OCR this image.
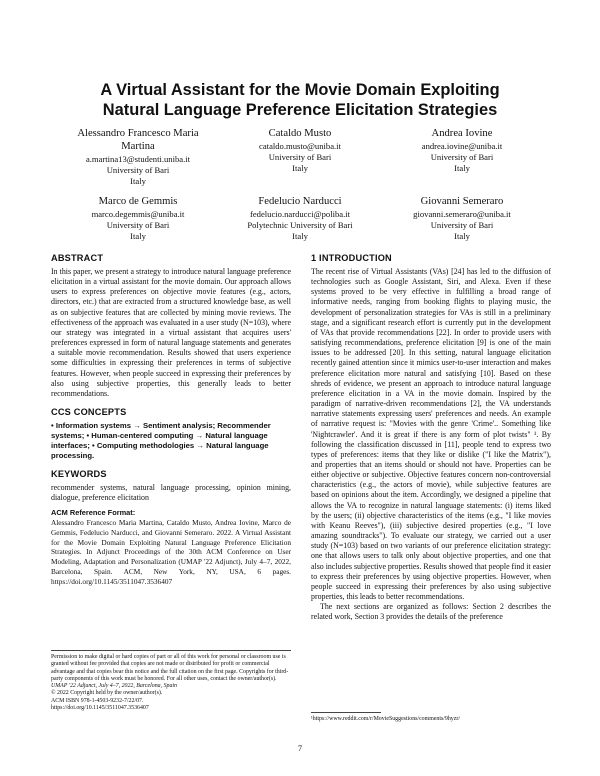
A Virtual Assistant for the Movie Domain Exploiting
Natural Language Preference Elicitation Strategies
Alessandro Francesco Maria
Martina
a.martina13@studenti.uniba.it
University of Bari
Italy
Cataldo Musto
cataldo.musto@uniba.it
University of Bari
Italy
Andrea Iovine
andrea.iovine@uniba.it
University of Bari
Italy
Marco de Gemmis
marco.degemmis@uniba.it
University of Bari
Italy
Fedelucio Narducci
fedelucio.narducci@poliba.it
Polytechnic University of Bari
Italy
Giovanni Semeraro
giovanni.semeraro@uniba.it
University of Bari
Italy
ABSTRACT

In this paper, we present a strategy to introduce natural language preference elicitation in a virtual assistant for the movie domain. Our approach allows users to express preferences on objective movie features (e.g., actors, directors, etc.) that are extracted from a structured knowledge base, as well as on subjective features that are collected by mining movie reviews. The effectiveness of the approach was evaluated in a user study (N=103), where our strategy was integrated in a virtual assistant that acquires users' preferences expressed in form of natural language statements and generates a suitable movie recommendation. Results showed that users experience some difficulties in expressing their preferences in terms of subjective features. However, when people succeed in expressing their preferences by also using subjective properties, this generally leads to better recommendations.

CCS CONCEPTS
• Information systems → Sentiment analysis; Recommender systems; • Human-centered computing → Natural language interfaces; • Computing methodologies → Natural language processing.
KEYWORDS

recommender systems, natural language processing, opinion mining, dialogue, preference elicitation

ACM Reference Format:

Alessandro Francesco Maria Martina, Cataldo Musto, Andrea Iovine, Marco de Gemmis, Fedelucio Narducci, and Giovanni Semeraro. 2022. A Virtual Assistant for the Movie Domain Exploiting Natural Language Preference Elicitation Strategies. In Adjunct Proceedings of the 30th ACM Conference on User Modeling, Adaptation and Personalization (UMAP '22 Adjunct), July 4–7, 2022, Barcelona, Spain. ACM, New York, NY, USA, 6 pages. https://doi.org/10.1145/3511047.3536407

Permission to make digital or hard copies of part or all of this work for personal or classroom use is granted without fee provided that copies are not made or distributed for profit or commercial advantage and that copies bear this notice and the full citation on the first page. Copyrights for third-party components of this work must be honored. For all other uses, contact the owner/author(s).
UMAP '22 Adjunct, July 4–7, 2022, Barcelona, Spain
© 2022 Copyright held by the owner/author(s).
ACM ISBN 978-1-4503-9232-7/22/07.
https://doi.org/10.1145/3511047.3536407
1 INTRODUCTION

The recent rise of Virtual Assistants (VAs) [24] has led to the diffusion of technologies such as Google Assistant, Siri, and Alexa. Even if these systems proved to be very effective in fulfilling a broad range of informative needs, ranging from booking flights to playing music, the development of personalization strategies for VAs is still in a preliminary stage, and a significant research effort is currently put in the development of VAs that provide recommendations [22]. In order to provide users with satisfying recommendations, preference elicitation [9] is one of the main issues to be addressed [20]. In this setting, natural language elicitation recently gained attention since it mimics user-to-user interaction and makes preference elicitation more natural and satisfying [10]. Based on these shreds of evidence, we present an approach to introduce natural language preference elicitation in a VA in the movie domain. Inspired by the paradigm of narrative-driven recommendations [2], the VA understands narrative statements expressing users' preferences and needs. An example of narrative request is: "Movies with the genre 'Crime'.. Something like 'Nightcrawler'. And it is great if there is any form of plot twists" ¹. By following the classification discussed in [11], people tend to express two types of preferences: items that they like or dislike ("I like the Matrix"), and properties that an items should or should not have. Properties can be either objective or subjective. Objective features concern non-controversial characteristics (e.g., the actors of movie), while subjective features are based on opinions about the item. Accordingly, we designed a pipeline that allows the VA to recognize in natural language statements: (i) items liked by the users; (ii) objective characteristics of the items (e.g., "I like movies with Keanu Reeves"), (iii) subjective desired properties (e.g., "I love amazing soundtracks"). To evaluate our strategy, we carried out a user study (N=103) based on two variants of our preference elicitation strategy: one that allows users to talk only about objective properties, and one that also includes subjective properties. Results showed that people find it easier to express their preferences by using objective properties. However, when people succeed in expressing their preferences by also using subjective properties, this leads to better recommendations.

The next sections are organized as follows: Section 2 describes the related work, Section 3 provides the details of the preference

¹https://www.reddit.com/r/MovieSuggestions/comments/9hyzr/
7
